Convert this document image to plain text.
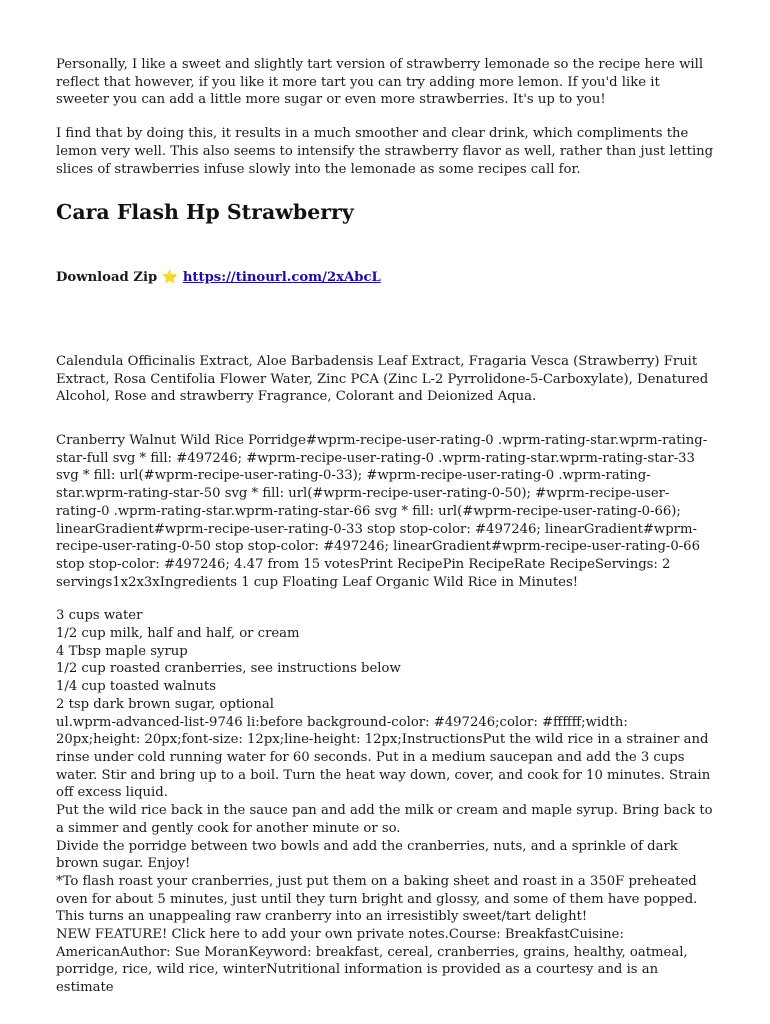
Personally, I like a sweet and slightly tart version of strawberry lemonade so the recipe here will reflect that however, if you like it more tart you can try adding more lemon. If you'd like it sweeter you can add a little more sugar or even more strawberries. It's up to you!

I find that by doing this, it results in a much smoother and clear drink, which compliments the lemon very well. This also seems to intensify the strawberry flavor as well, rather than just letting slices of strawberries infuse slowly into the lemonade as some recipes call for.

Cara Flash Hp Strawberry

Download Zip ⭐ https://tinourl.com/2xAbcL

Calendula Officinalis Extract, Aloe Barbadensis Leaf Extract, Fragaria Vesca (Strawberry) Fruit Extract, Rosa Centifolia Flower Water, Zinc PCA (Zinc L-2 Pyrrolidone-5-Carboxylate), Denatured Alcohol, Rose and strawberry Fragrance, Colorant and Deionized Aqua.

Cranberry Walnut Wild Rice Porridge#wprm-recipe-user-rating-0 .wprm-rating-star.wprm-rating-star-full svg * fill: #497246; #wprm-recipe-user-rating-0 .wprm-rating-star.wprm-rating-star-33 svg * fill: url(#wprm-recipe-user-rating-0-33); #wprm-recipe-user-rating-0 .wprm-rating-star.wprm-rating-star-50 svg * fill: url(#wprm-recipe-user-rating-0-50); #wprm-recipe-user-rating-0 .wprm-rating-star.wprm-rating-star-66 svg * fill: url(#wprm-recipe-user-rating-0-66); linearGradient#wprm-recipe-user-rating-0-33 stop stop-color: #497246; linearGradient#wprm-recipe-user-rating-0-50 stop stop-color: #497246; linearGradient#wprm-recipe-user-rating-0-66 stop stop-color: #497246; 4.47 from 15 votesPrint RecipePin RecipeRate RecipeServings: 2 servings1x2x3xIngredients 1 cup Floating Leaf Organic Wild Rice in Minutes!

3 cups water
1/2 cup milk, half and half, or cream
4 Tbsp maple syrup
1/2 cup roasted cranberries, see instructions below
1/4 cup toasted walnuts
2 tsp dark brown sugar, optional
ul.wprm-advanced-list-9746 li:before background-color: #497246;color: #ffffff;width: 20px;height: 20px;font-size: 12px;line-height: 12px;InstructionsPut the wild rice in a strainer and rinse under cold running water for 60 seconds. Put in a medium saucepan and add the 3 cups water. Stir and bring up to a boil. Turn the heat way down, cover, and cook for 10 minutes. Strain off excess liquid.
Put the wild rice back in the sauce pan and add the milk or cream and maple syrup. Bring back to a simmer and gently cook for another minute or so.
Divide the porridge between two bowls and add the cranberries, nuts, and a sprinkle of dark brown sugar. Enjoy!
*To flash roast your cranberries, just put them on a baking sheet and roast in a 350F preheated oven for about 5 minutes, just until they turn bright and glossy, and some of them have popped. This turns an unappealing raw cranberry into an irresistibly sweet/tart delight!
NEW FEATURE! Click here to add your own private notes.Course: BreakfastCuisine: AmericanAuthor: Sue MoranKeyword: breakfast, cereal, cranberries, grains, healthy, oatmeal, porridge, rice, wild rice, winterNutritional information is provided as a courtesy and is an estimate
